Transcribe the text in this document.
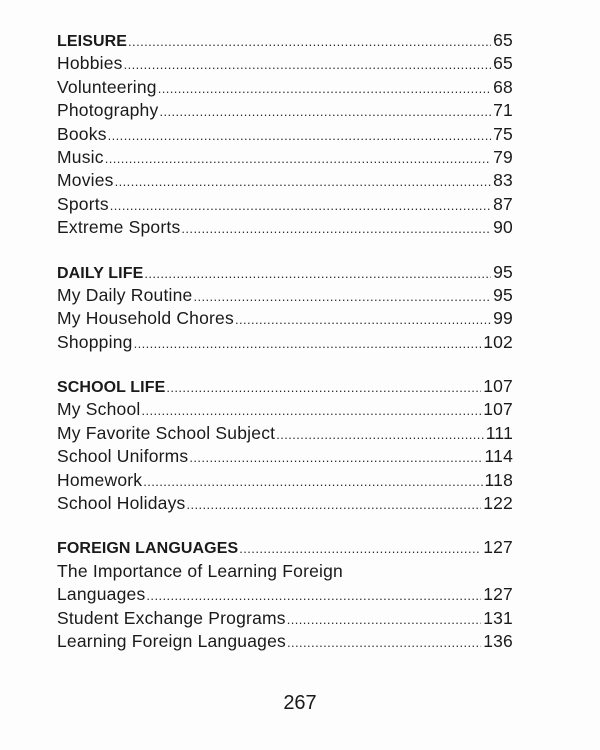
LEISURE .....	65
Hobbies .....	65
Volunteering .....	68
Photography .....	71
Books .....	75
Music .....	79
Movies .....	83
Sports .....	87
Extreme Sports .....	90
DAILY LIFE .....	95
My Daily Routine .....	95
My Household Chores .....	99
Shopping .....	102
SCHOOL LIFE .....	107
My School .....	107
My Favorite School Subject .....	111
School Uniforms .....	114
Homework .....	118
School Holidays .....	122
FOREIGN LANGUAGES .....	127
The Importance of Learning Foreign
Languages .....	127
Student Exchange Programs .....	131
Learning Foreign Languages .....	136
267
